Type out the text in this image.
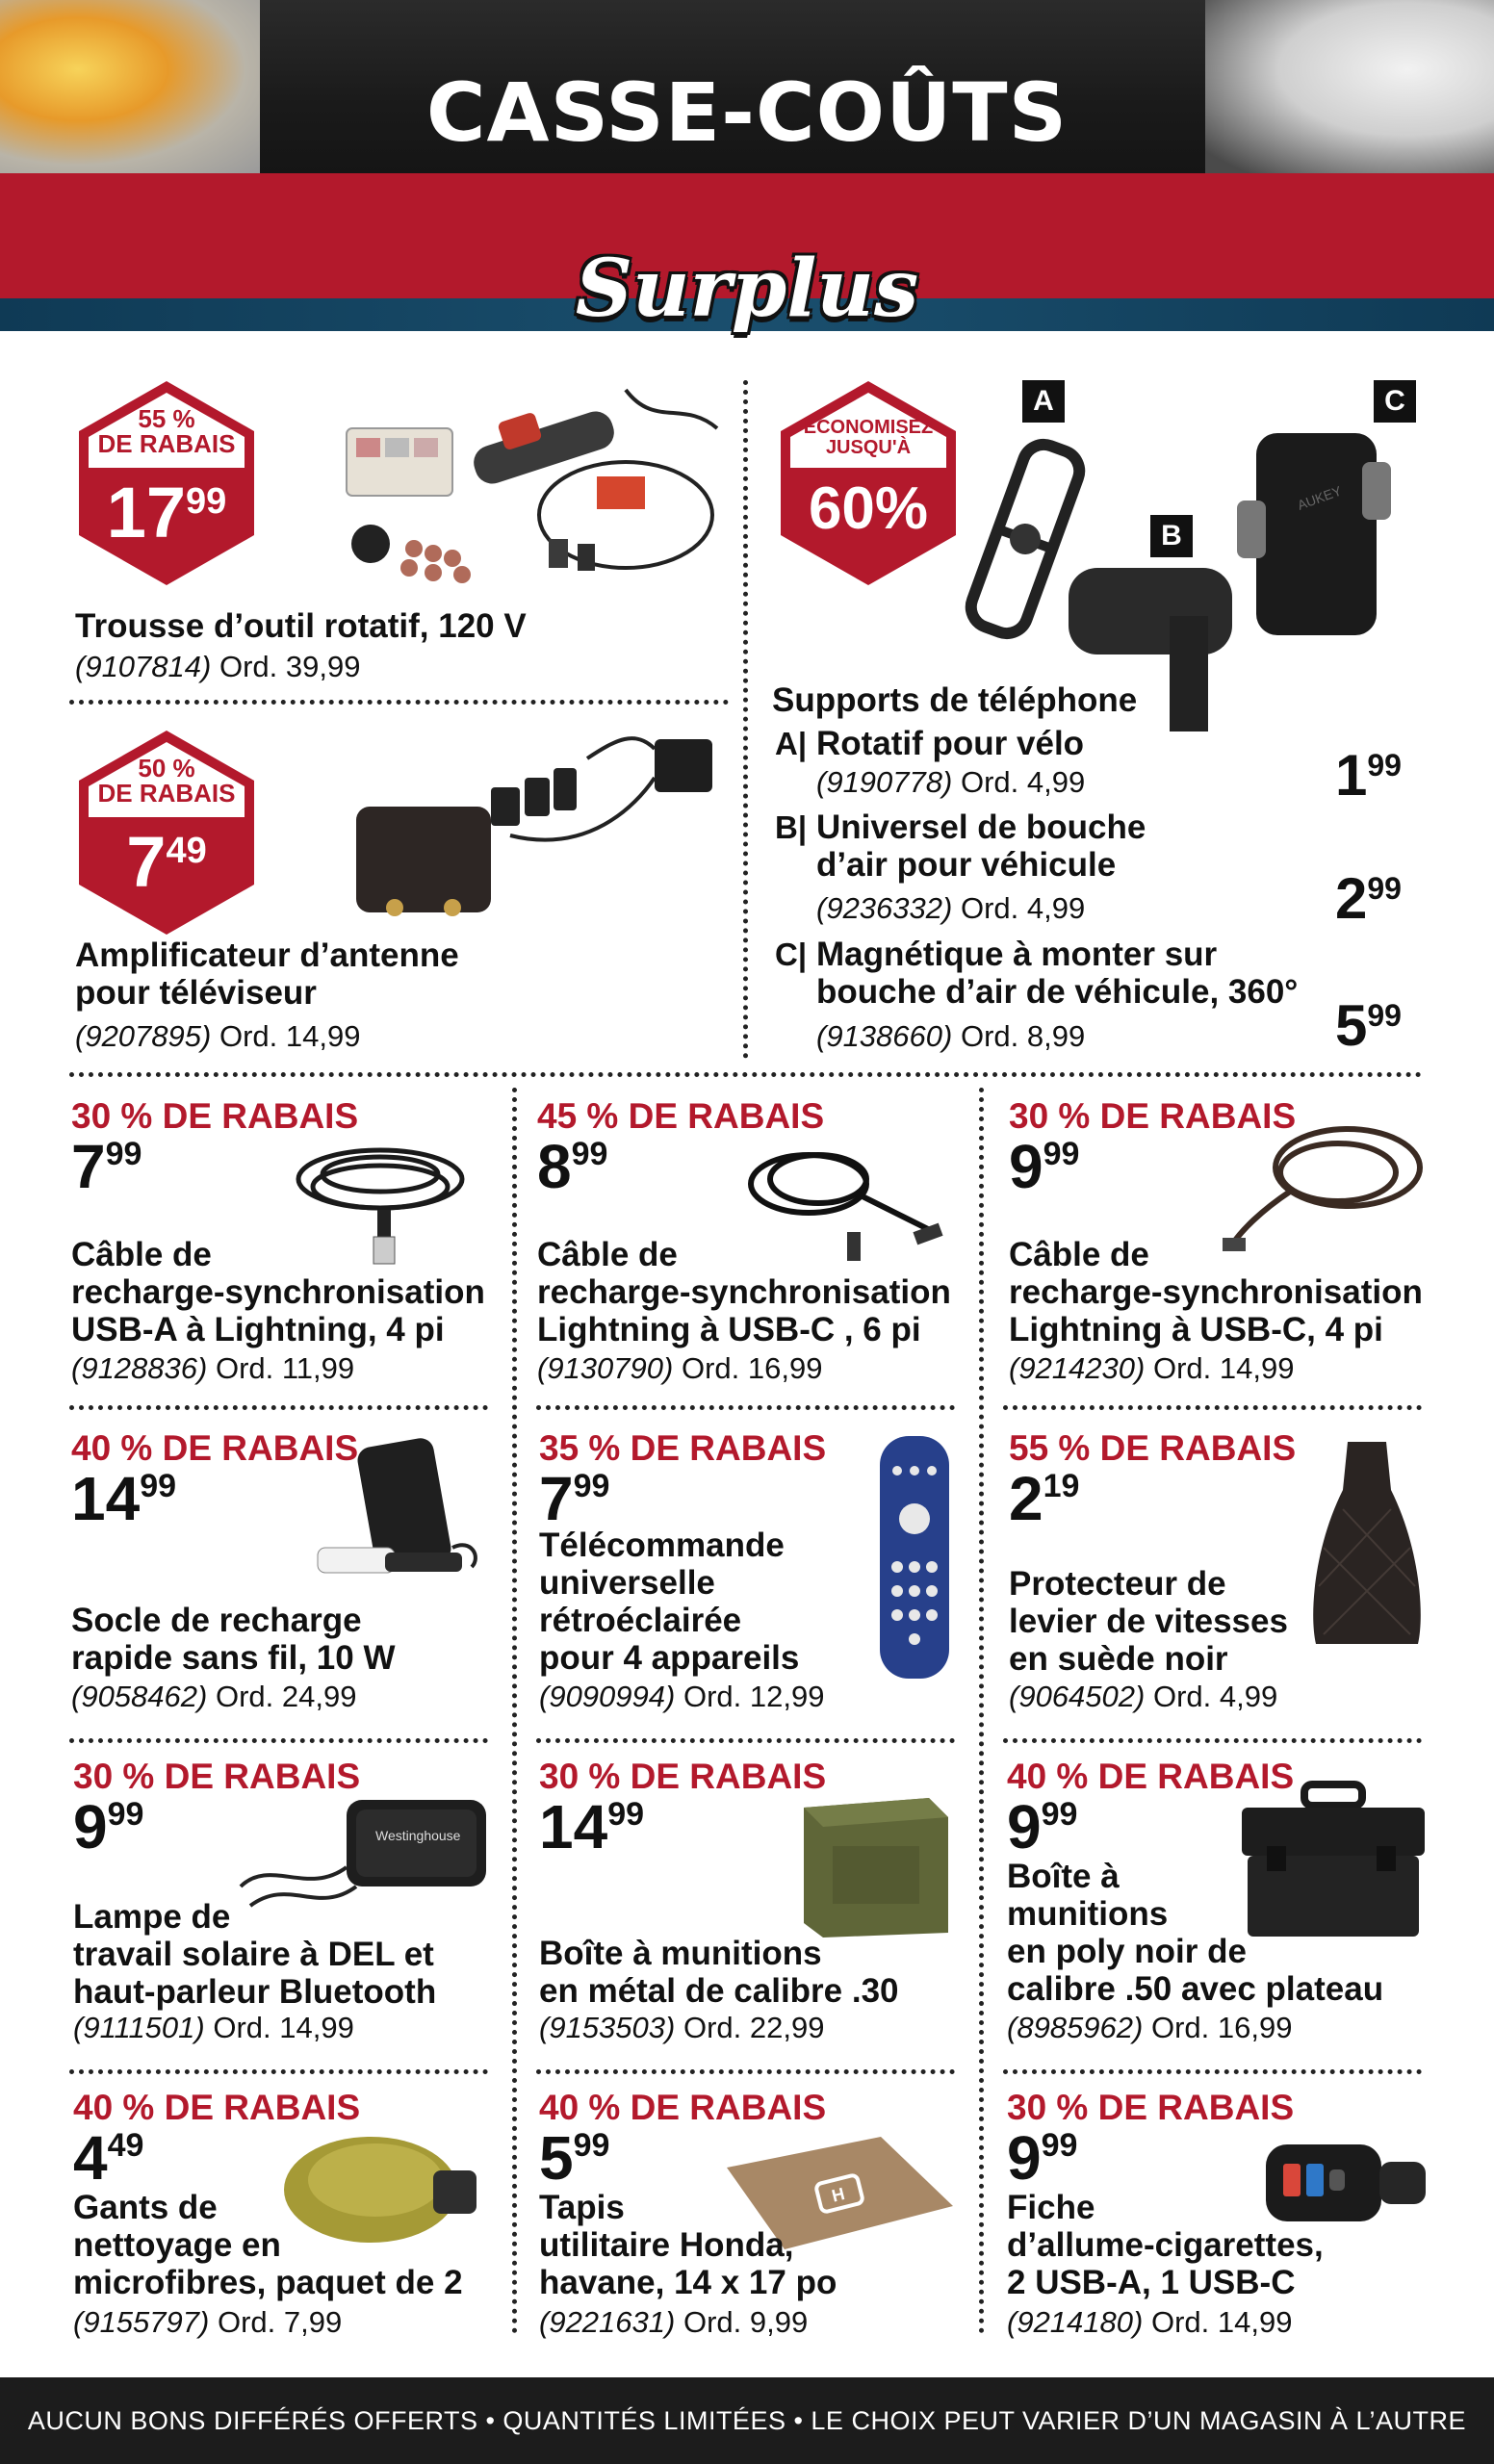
CASSE-COÛTS
Surplus
55 %
DE RABAIS
$17^{99}$
Trousse d’outil rotatif, 120 V
(9107814) Ord. 39,99
50 %
DE RABAIS
$7^{49}$
Amplificateur d’antenne
pour téléviseur
(9207895) Ord. 14,99
ÉCONOMISEZ
JUSQU'À
60%
A
B
C
AUKEY
Supports de téléphone
A| Rotatif pour vélo
(9190778) Ord. 4,99	$1^{99}$
B| Universel de bouche
d’air pour véhicule
(9236332) Ord. 4,99	$2^{99}$
C| Magnétique à monter sur
bouche d’air de véhicule, 360°
(9138660) Ord. 8,99	$5^{99}$
30 % DE RABAIS
$7^{99}$
Câble de
recharge-synchronisation
USB-A à Lightning, 4 pi
(9128836) Ord. 11,99
45 % DE RABAIS
$8^{99}$
Câble de
recharge-synchronisation
Lightning à USB-C , 6 pi
(9130790) Ord. 16,99
30 % DE RABAIS
$9^{99}$
Câble de
recharge-synchronisation
Lightning à USB-C, 4 pi
(9214230) Ord. 14,99
40 % DE RABAIS
$14^{99}$
Socle de recharge
rapide sans fil, 10 W
(9058462) Ord. 24,99
35 % DE RABAIS
$7^{99}$
Télécommande
universelle
rétroéclairée
pour 4 appareils
(9090994) Ord. 12,99
55 % DE RABAIS
$2^{19}$
Protecteur de
levier de vitesses
en suède noir
(9064502) Ord. 4,99
30 % DE RABAIS
$9^{99}$
Westinghouse
Lampe de
travail solaire à DEL et
haut-parleur Bluetooth
(9111501) Ord. 14,99
30 % DE RABAIS
$14^{99}$
Boîte à munitions
en métal de calibre .30
(9153503) Ord. 22,99
40 % DE RABAIS
$9^{99}$
Boîte à
munitions
en poly noir de
calibre .50 avec plateau
(8985962) Ord. 16,99
40 % DE RABAIS
$4^{49}$
Gants de
nettoyage en
microfibres, paquet de 2
(9155797) Ord. 7,99
40 % DE RABAIS
$5^{99}$
H
Tapis
utilitaire Honda,
havane, 14 x 17 po
(9221631) Ord. 9,99
30 % DE RABAIS
$9^{99}$
Fiche
d’allume-cigarettes,
2 USB-A, 1 USB-C
(9214180) Ord. 14,99
AUCUN BONS DIFFÉRÉS OFFERTS • QUANTITÉS LIMITÉES • LE CHOIX PEUT VARIER D’UN MAGASIN À L’AUTRE
